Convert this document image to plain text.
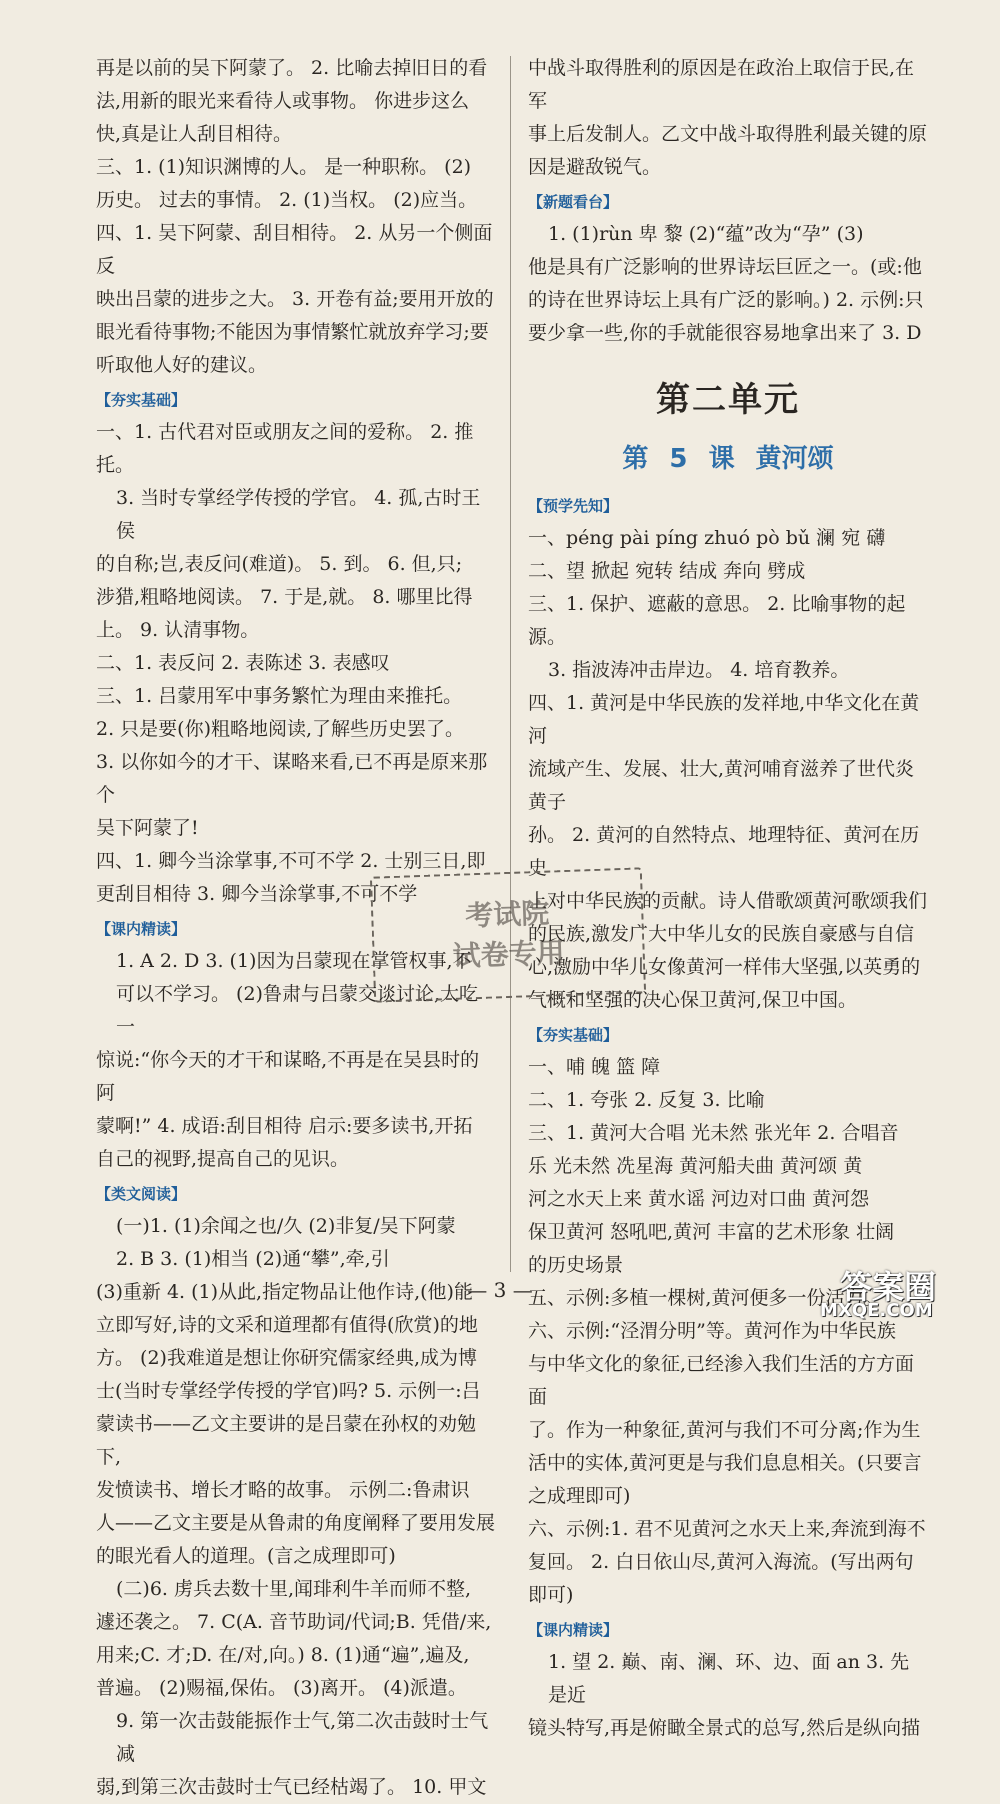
再是以前的吴下阿蒙了。 2. 比喻去掉旧日的看

法,用新的眼光来看待人或事物。 你进步这么

快,真是让人刮目相待。

三、1. (1)知识渊博的人。 是一种职称。 (2)

历史。 过去的事情。 2. (1)当权。 (2)应当。

四、1. 吴下阿蒙、刮目相待。 2. 从另一个侧面反

映出吕蒙的进步之大。 3. 开卷有益;要用开放的

眼光看待事物;不能因为事情繁忙就放弃学习;要

听取他人好的建议。

【夯实基础】

一、1. 古代君对臣或朋友之间的爱称。 2. 推托。

3. 当时专掌经学传授的学官。 4. 孤,古时王侯

的自称;岂,表反问(难道)。 5. 到。 6. 但,只;

涉猎,粗略地阅读。 7. 于是,就。 8. 哪里比得

上。 9. 认清事物。

二、1. 表反问 2. 表陈述 3. 表感叹

三、1. 吕蒙用军中事务繁忙为理由来推托。

2. 只是要(你)粗略地阅读,了解些历史罢了。

3. 以你如今的才干、谋略来看,已不再是原来那个

吴下阿蒙了!

四、1. 卿今当涂掌事,不可不学 2. 士别三日,即

更刮目相待 3. 卿今当涂掌事,不可不学

【课内精读】

1. A 2. D 3. (1)因为吕蒙现在掌管权事,不

可以不学习。 (2)鲁肃与吕蒙交谈讨论,大吃一

惊说:“你今天的才干和谋略,不再是在吴县时的阿

蒙啊!” 4. 成语:刮目相待 启示:要多读书,开拓

自己的视野,提高自己的见识。

【类文阅读】

(一)1. (1)余闻之也/久 (2)非复/吴下阿蒙

2. B 3. (1)相当 (2)通“攀”,牵,引

(3)重新 4. (1)从此,指定物品让他作诗,(他)能

立即写好,诗的文采和道理都有值得(欣赏)的地

方。 (2)我难道是想让你研究儒家经典,成为博

士(当时专掌经学传授的学官)吗? 5. 示例一:吕

蒙读书——乙文主要讲的是吕蒙在孙权的劝勉下,

发愤读书、增长才略的故事。 示例二:鲁肃识

人——乙文主要是从鲁肃的角度阐释了要用发展

的眼光看人的道理。(言之成理即可)

(二)6. 虏兵去数十里,闻琲利牛羊而师不整,

遽还袭之。 7. C(A. 音节助词/代词;B. 凭借/来,

用来;C. 才;D. 在/对,向。) 8. (1)通“遍”,遍及,

普遍。 (2)赐福,保佑。 (3)离开。 (4)派遣。

9. 第一次击鼓能振作士气,第二次击鼓时士气减

弱,到第三次击鼓时士气已经枯竭了。 10. 甲文

中战斗取得胜利的原因是在政治上取信于民,在军

事上后发制人。乙文中战斗取得胜利最关键的原

因是避敌锐气。

【新题看台】

1. (1)rùn 卑 黎 (2)“蕴”改为“孕” (3)

他是具有广泛影响的世界诗坛巨匠之一。(或:他

的诗在世界诗坛上具有广泛的影响。) 2. 示例:只

要少拿一些,你的手就能很容易地拿出来了 3. D

第二单元
第 5 课 黄河颂
【预学先知】

一、péng pài píng zhuó pò bǔ 澜 宛 礴

二、望 掀起 宛转 结成 奔向 劈成

三、1. 保护、遮蔽的意思。 2. 比喻事物的起源。

3. 指波涛冲击岸边。 4. 培育教养。

四、1. 黄河是中华民族的发祥地,中华文化在黄河

流域产生、发展、壮大,黄河哺育滋养了世代炎黄子

孙。 2. 黄河的自然特点、地理特征、黄河在历史

上对中华民族的贡献。诗人借歌颂黄河歌颂我们

的民族,激发广大中华儿女的民族自豪感与自信

心,激励中华儿女像黄河一样伟大坚强,以英勇的

气概和坚强的决心保卫黄河,保卫中国。

【夯实基础】

一、哺 魄 篮 障

二、1. 夸张 2. 反复 3. 比喻

三、1. 黄河大合唱 光未然 张光年 2. 合唱音

乐 光未然 冼星海 黄河船夫曲 黄河颂 黄

河之水天上来 黄水谣 河边对口曲 黄河怨

保卫黄河 怒吼吧,黄河 丰富的艺术形象 壮阔

的历史场景

五、示例:多植一棵树,黄河便多一份活力。

六、示例:“泾渭分明”等。黄河作为中华民族

与中华文化的象征,已经渗入我们生活的方方面面

了。作为一种象征,黄河与我们不可分离;作为生

活中的实体,黄河更是与我们息息相关。(只要言

之成理即可)

六、示例:1. 君不见黄河之水天上来,奔流到海不

复回。 2. 白日依山尽,黄河入海流。(写出两句

即可)

【课内精读】

1. 望 2. 巅、南、澜、环、边、面 an 3. 先是近

镜头特写,再是俯瞰全景式的总写,然后是纵向描

考试院
试卷专用
— 3 —	答案圈
MXQE.COM
